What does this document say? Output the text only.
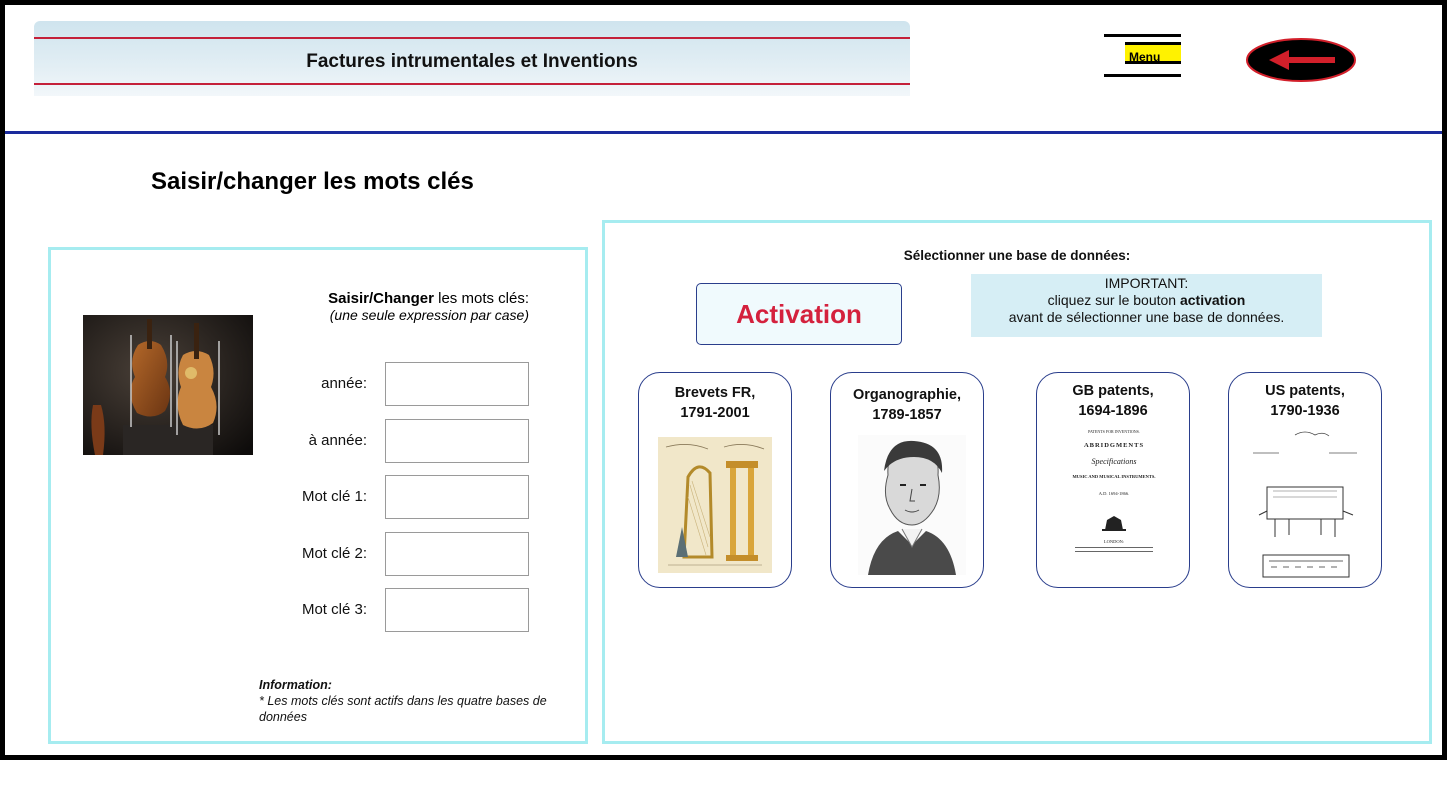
Factures intrumentales et Inventions	Menu
Saisir/changer les mots clés
Saisir/Changer les mots clés:
(une seule expression par case)
année:
à année:
Mot clé 1:
Mot clé 2:
Mot clé 3:
Information:
* Les mots clés sont actifs dans les quatre bases de données
Sélectionner une base de données:
Activation
IMPORTANT:
cliquez sur le bouton activation
avant de sélectionner une base de données.
Brevets FR,
1791-2001
Organographie,
1789-1857
GB patents,
1694-1896
PATENTS FOR INVENTIONS.
ABRIDGMENTS
Specifications
MUSIC AND MUSICAL INSTRUMENTS.
A.D. 1694-1866.
LONDON:
US patents,
1790-1936
